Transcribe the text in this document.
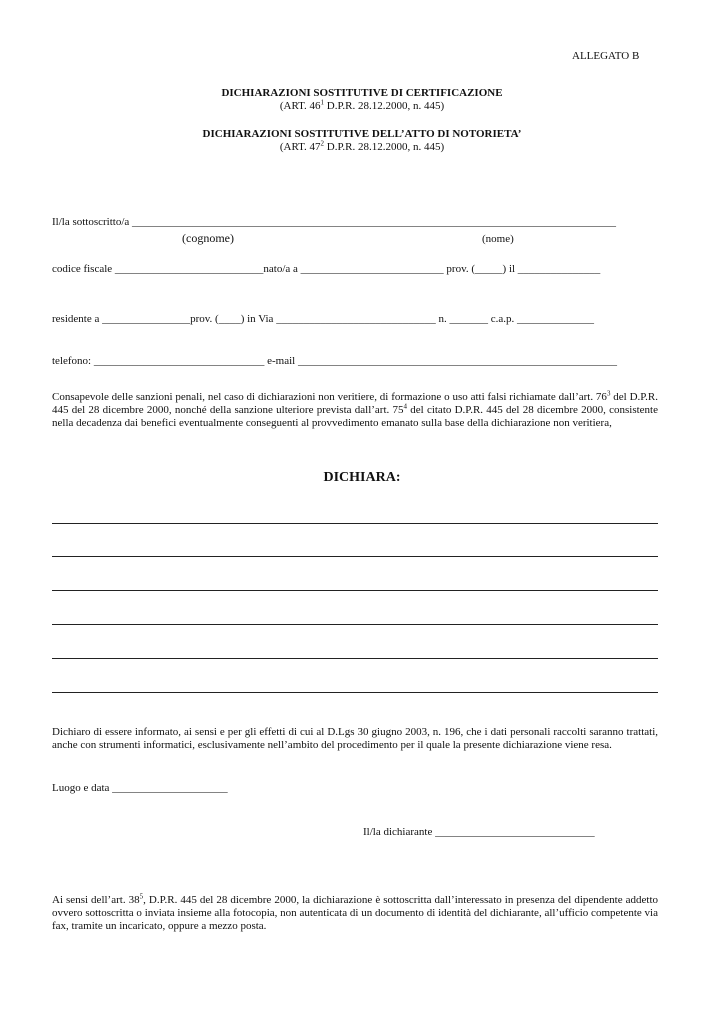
ALLEGATO B
DICHIARAZIONI SOSTITUTIVE DI CERTIFICAZIONE
(ART. $46^1$ D.P.R. 28.12.2000, n. 445)
DICHIARAZIONI SOSTITUTIVE DELL’ATTO DI NOTORIETA’
(ART. $47^2$ D.P.R. 28.12.2000, n. 445)
Il/la sottoscritto/a ________________________________________________________________________________________
(cognome)	(nome)
codice fiscale ___________________________nato/a a __________________________ prov. (_____) il _______________
residente a ________________prov. (____) in Via _____________________________ n. _______ c.a.p. ______________
telefono: _______________________________ e-mail __________________________________________________________
Consapevole delle sanzioni penali, nel caso di dichiarazioni non veritiere, di formazione o uso atti falsi richiamate dall’art. $76^3$ del D.P.R. 445 del 28 dicembre 2000, nonché della sanzione ulteriore prevista dall’art. $75^4$ del citato D.P.R. 445 del 28 dicembre 2000, consistente nella decadenza dai benefici eventualmente conseguenti al provvedimento emanato sulla base della dichiarazione non veritiera,
DICHIARA:
Dichiaro di essere informato, ai sensi e per gli effetti di cui al D.Lgs 30 giugno 2003, n. 196, che i dati personali raccolti saranno trattati, anche con strumenti informatici, esclusivamente nell’ambito del procedimento per il quale la presente dichiarazione viene resa.
Luogo e data _____________________
Il/la dichiarante _____________________________
Ai sensi dell’art. $38^5$, D.P.R. 445 del 28 dicembre 2000, la dichiarazione è sottoscritta dall’interessato in presenza del dipendente addetto ovvero sottoscritta o inviata insieme alla fotocopia, non autenticata di un documento di identità del dichiarante, all’ufficio competente via fax, tramite un incaricato, oppure a mezzo posta.
